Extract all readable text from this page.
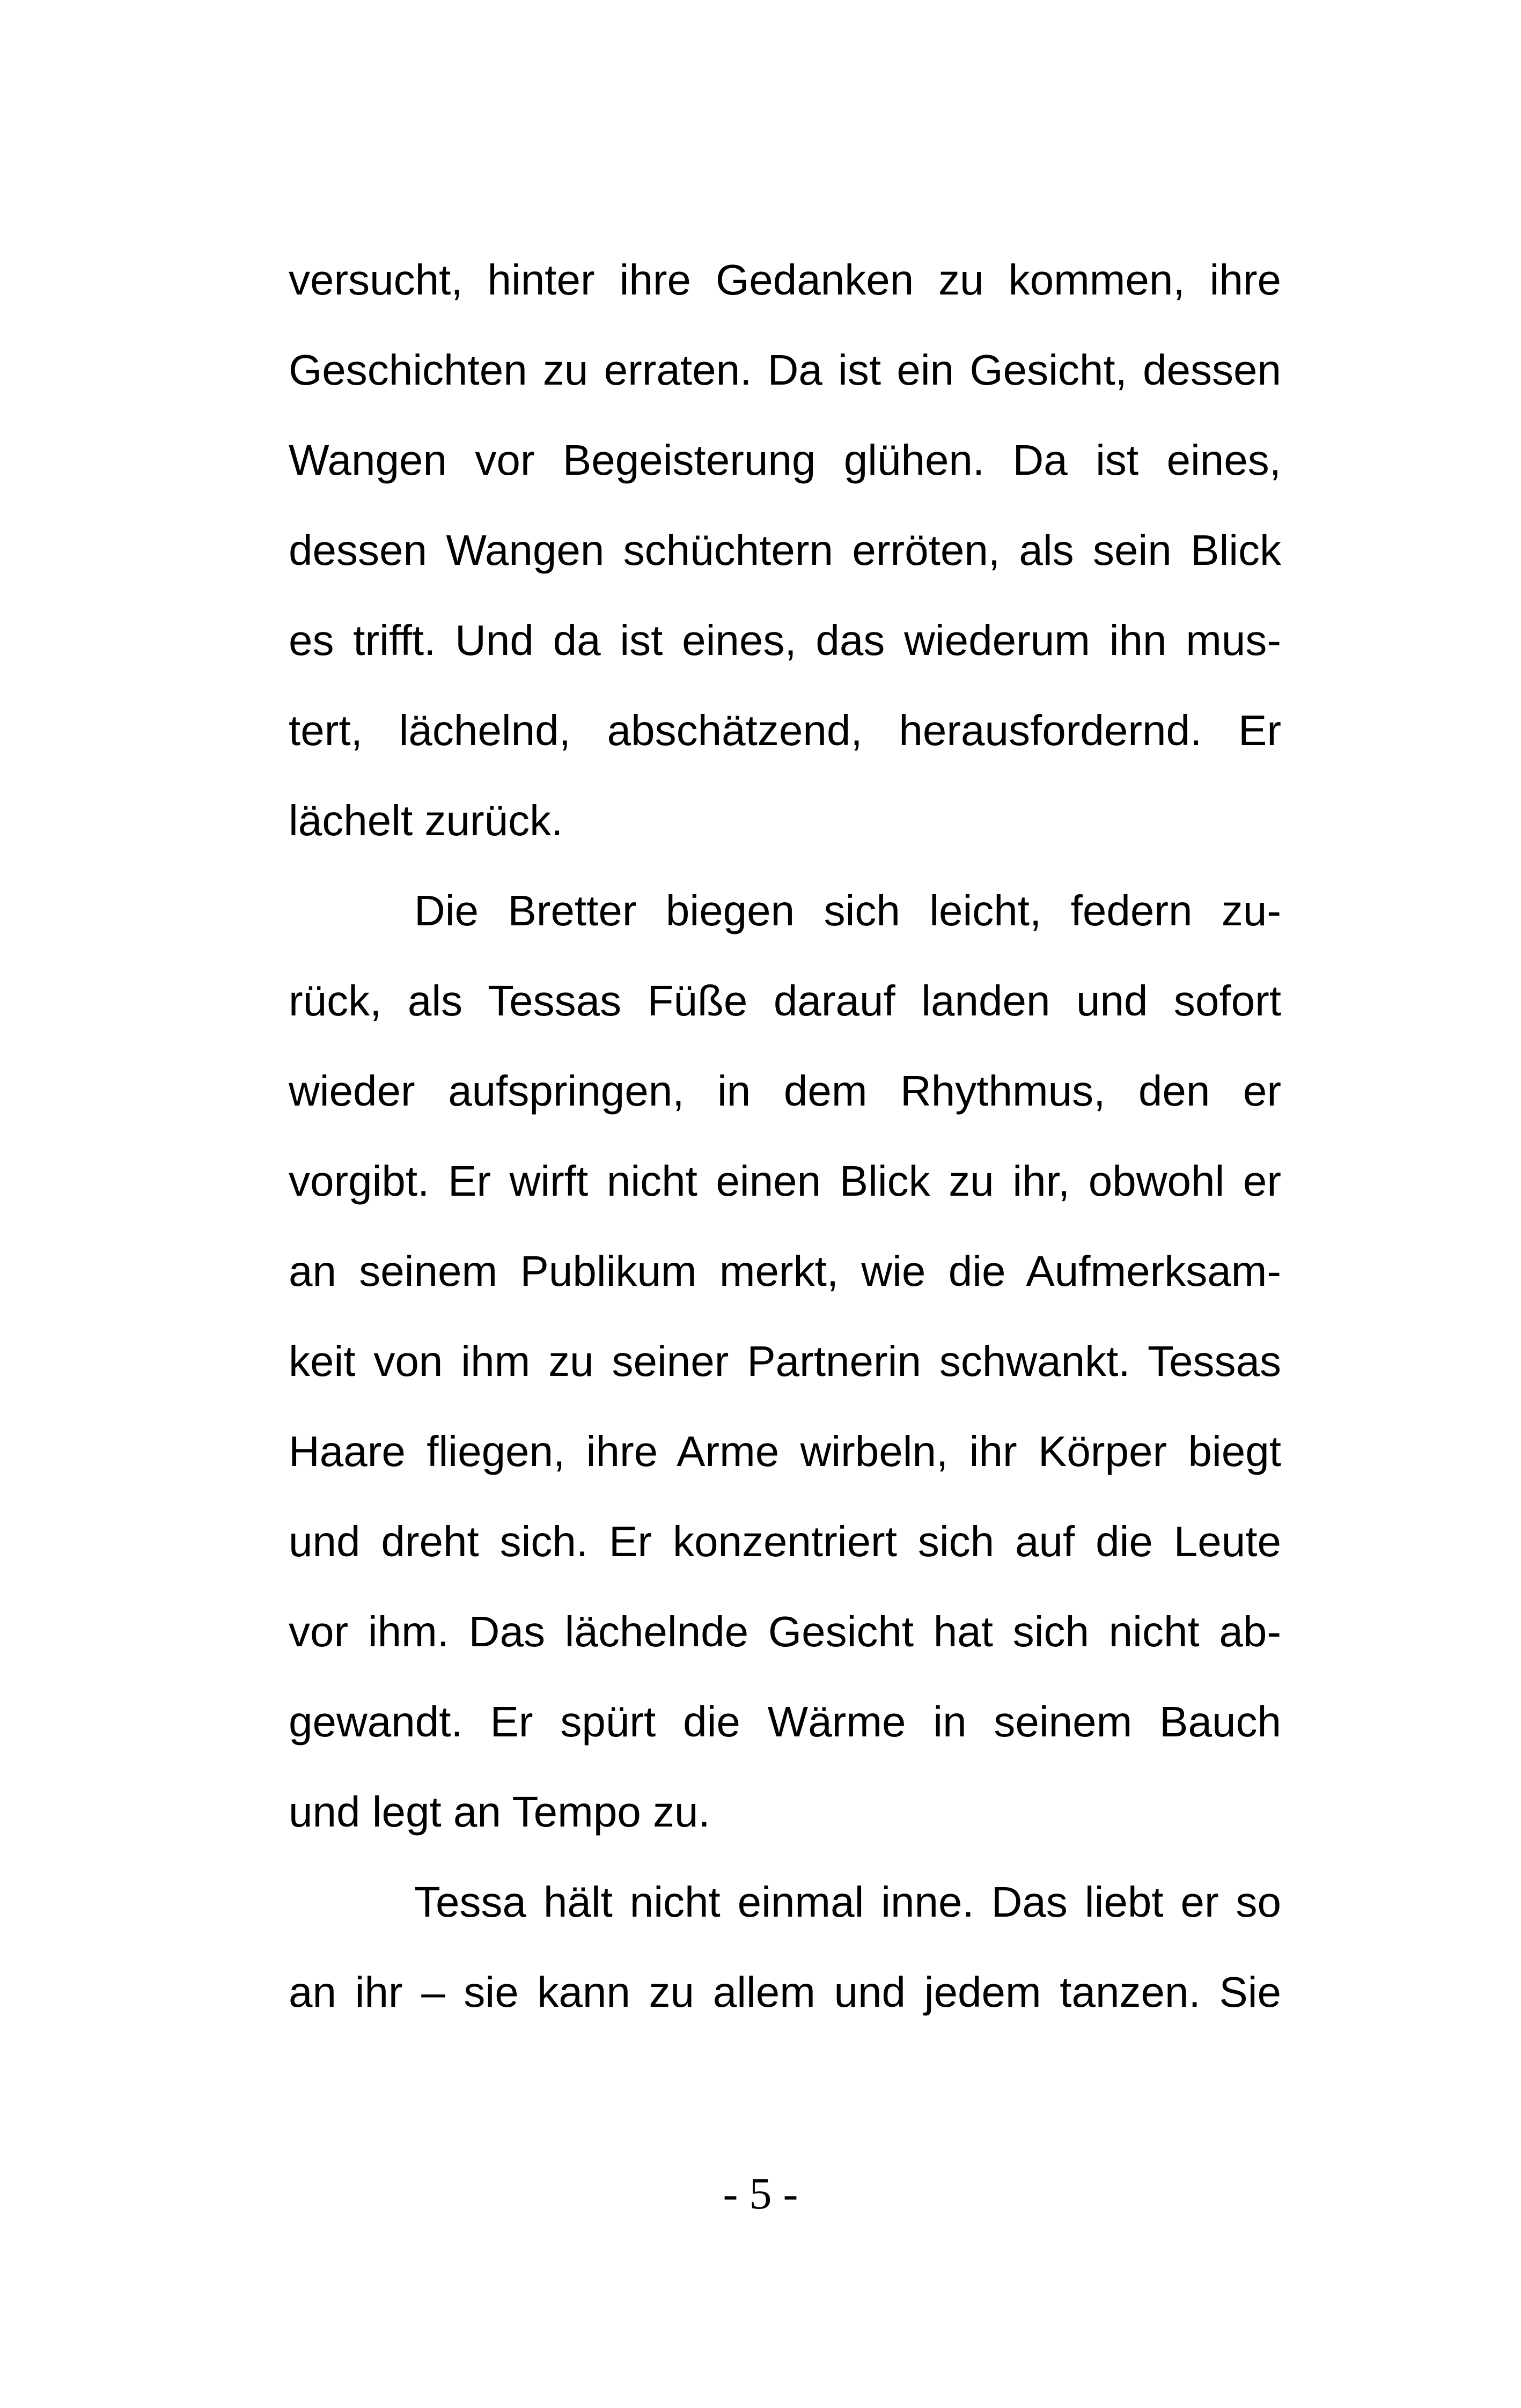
versucht, hinter ihre Gedanken zu kommen, ihre
Geschichten zu erraten. Da ist ein Gesicht, dessen
Wangen vor Begeisterung glühen. Da ist eines,
dessen Wangen schüchtern erröten, als sein Blick
es trifft. Und da ist eines, das wiederum ihn mus-
tert, lächelnd, abschätzend, herausfordernd. Er
lächelt zurück.
Die Bretter biegen sich leicht, federn zu-
rück, als Tessas Füße darauf landen und sofort
wieder aufspringen, in dem Rhythmus, den er
vorgibt. Er wirft nicht einen Blick zu ihr, obwohl er
an seinem Publikum merkt, wie die Aufmerksam-
keit von ihm zu seiner Partnerin schwankt. Tessas
Haare fliegen, ihre Arme wirbeln, ihr Körper biegt
und dreht sich. Er konzentriert sich auf die Leute
vor ihm. Das lächelnde Gesicht hat sich nicht ab-
gewandt. Er spürt die Wärme in seinem Bauch
und legt an Tempo zu.
Tessa hält nicht einmal inne. Das liebt er so
an ihr – sie kann zu allem und jedem tanzen. Sie
- 5 -
